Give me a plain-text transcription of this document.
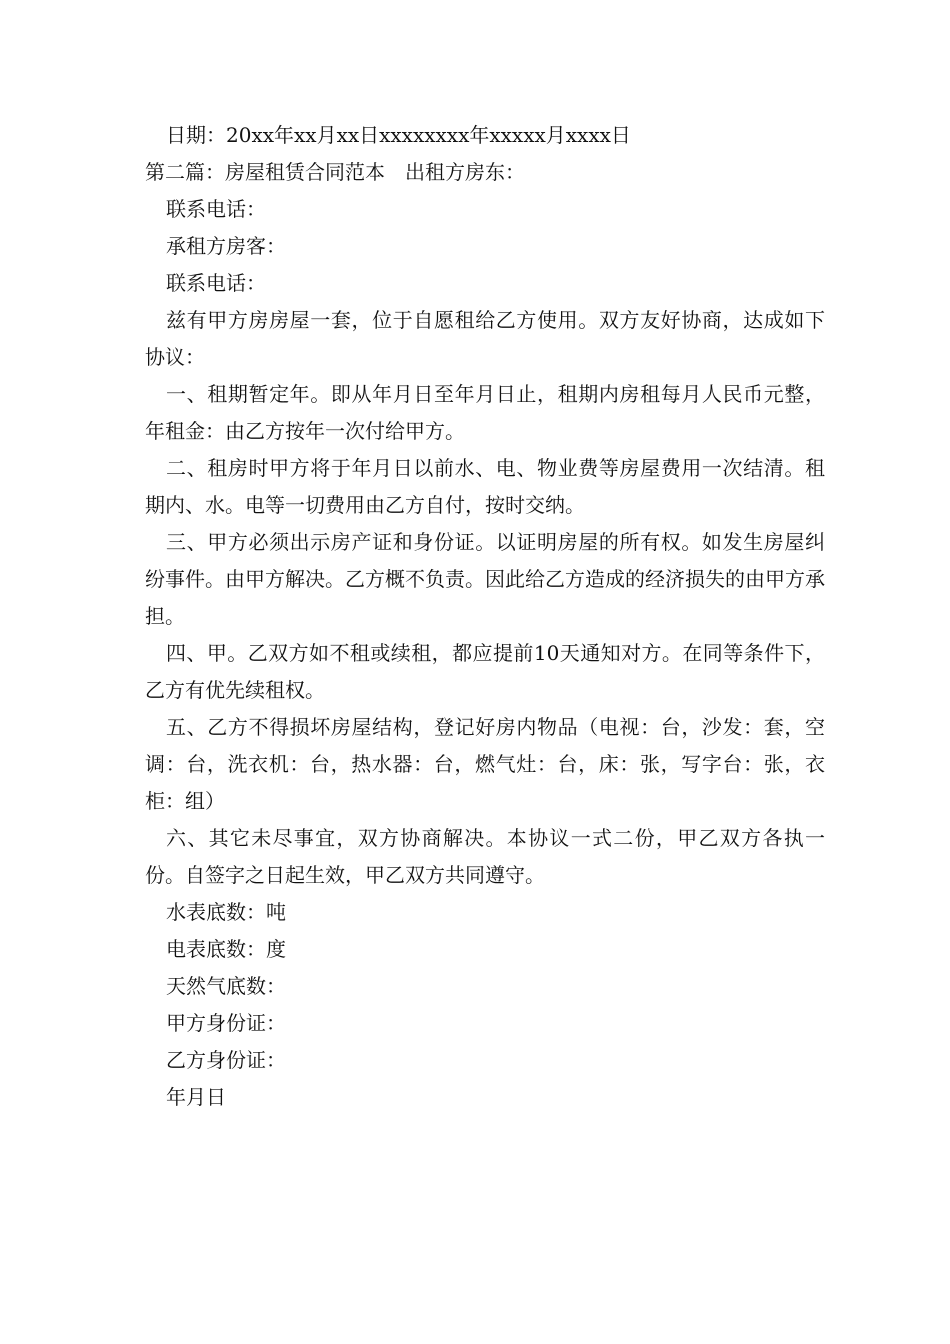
日期：20xx年xx月xx日xxxxxxxx年xxxxx月xxxx日

第二篇：房屋租赁合同范本　出租方房东：

联系电话：

承租方房客：

联系电话：

兹有甲方房房屋一套，位于自愿租给乙方使用。双方友好协商，达成如下协议：

一、租期暂定年。即从年月日至年月日止，租期内房租每月人民币元整，年租金：由乙方按年一次付给甲方。

二、租房时甲方将于年月日以前水、电、物业费等房屋费用一次结清。租期内、水。电等一切费用由乙方自付，按时交纳。

三、甲方必须出示房产证和身份证。以证明房屋的所有权。如发生房屋纠纷事件。由甲方解决。乙方概不负责。因此给乙方造成的经济损失的由甲方承担。

四、甲。乙双方如不租或续租，都应提前10天通知对方。在同等条件下，乙方有优先续租权。

五、乙方不得损坏房屋结构，登记好房内物品（电视：台，沙发：套，空调：台，洗衣机：台，热水器：台，燃气灶：台，床：张，写字台：张，衣柜：组）

六、其它未尽事宜，双方协商解决。本协议一式二份，甲乙双方各执一份。自签字之日起生效，甲乙双方共同遵守。

水表底数：吨

电表底数：度

天然气底数：

甲方身份证：

乙方身份证：

年月日
